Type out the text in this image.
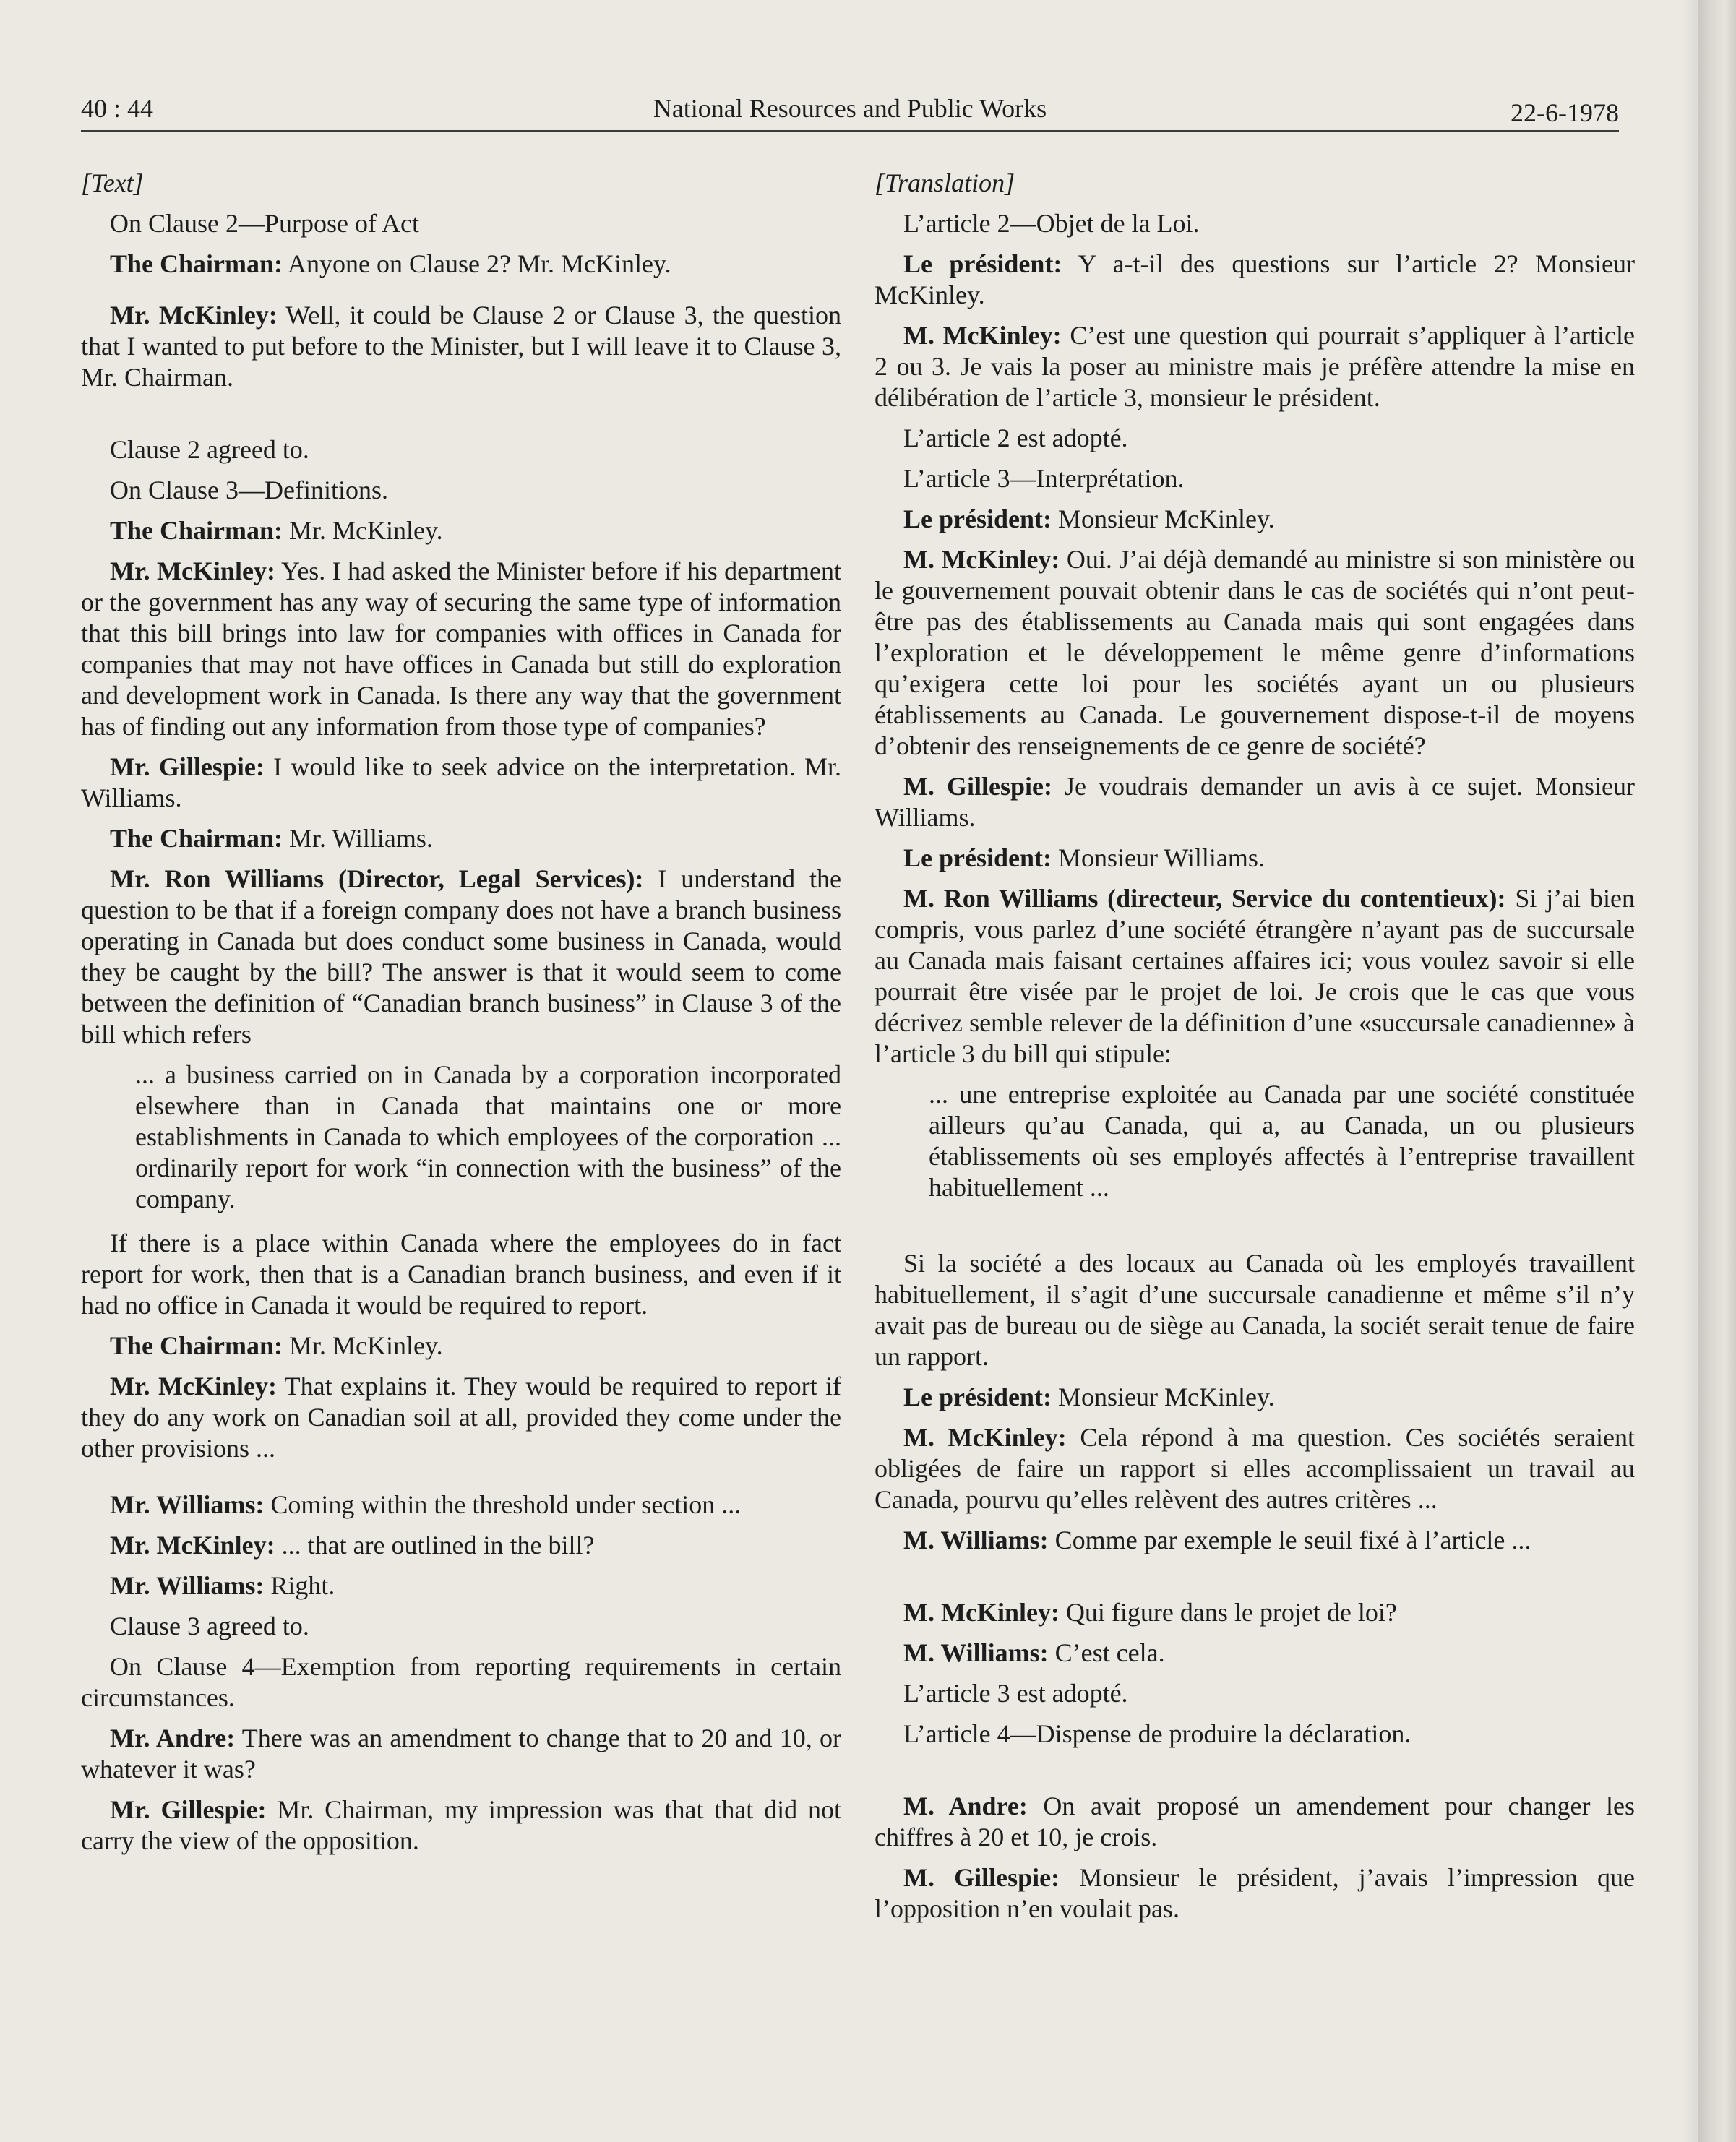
40 : 44	National Resources and Public Works	22-6-1978
[Text]

On Clause 2—Purpose of Act

The Chairman: Anyone on Clause 2? Mr. McKinley.

Mr. McKinley: Well, it could be Clause 2 or Clause 3, the question that I wanted to put before to the Minister, but I will leave it to Clause 3, Mr. Chairman.

Clause 2 agreed to.

On Clause 3—Definitions.

The Chairman: Mr. McKinley.

Mr. McKinley: Yes. I had asked the Minister before if his department or the government has any way of securing the same type of information that this bill brings into law for companies with offices in Canada for companies that may not have offices in Canada but still do exploration and development work in Canada. Is there any way that the government has of finding out any information from those type of companies?

Mr. Gillespie: I would like to seek advice on the interpretation. Mr. Williams.

The Chairman: Mr. Williams.

Mr. Ron Williams (Director, Legal Services): I understand the question to be that if a foreign company does not have a branch business operating in Canada but does conduct some business in Canada, would they be caught by the bill? The answer is that it would seem to come between the definition of “Canadian branch business” in Clause 3 of the bill which refers

... a business carried on in Canada by a corporation incorporated elsewhere than in Canada that maintains one or more establishments in Canada to which employees of the corporation ... ordinarily report for work “in connection with the business” of the company.

If there is a place within Canada where the employees do in fact report for work, then that is a Canadian branch business, and even if it had no office in Canada it would be required to report.

The Chairman: Mr. McKinley.

Mr. McKinley: That explains it. They would be required to report if they do any work on Canadian soil at all, provided they come under the other provisions ...

Mr. Williams: Coming within the threshold under section ...

Mr. McKinley: ... that are outlined in the bill?

Mr. Williams: Right.

Clause 3 agreed to.

On Clause 4—Exemption from reporting requirements in certain circumstances.

Mr. Andre: There was an amendment to change that to 20 and 10, or whatever it was?

Mr. Gillespie: Mr. Chairman, my impression was that that did not carry the view of the opposition.

[Translation]

L’article 2—Objet de la Loi.

Le président: Y a-t-il des questions sur l’article 2? Monsieur McKinley.

M. McKinley: C’est une question qui pourrait s’appliquer à l’article 2 ou 3. Je vais la poser au ministre mais je préfère attendre la mise en délibération de l’article 3, monsieur le président.

L’article 2 est adopté.

L’article 3—Interprétation.

Le président: Monsieur McKinley.

M. McKinley: Oui. J’ai déjà demandé au ministre si son ministère ou le gouvernement pouvait obtenir dans le cas de sociétés qui n’ont peut-être pas des établissements au Canada mais qui sont engagées dans l’exploration et le développement le même genre d’informations qu’exigera cette loi pour les sociétés ayant un ou plusieurs établissements au Canada. Le gouvernement dispose-t-il de moyens d’obtenir des renseignements de ce genre de société?

M. Gillespie: Je voudrais demander un avis à ce sujet. Monsieur Williams.

Le président: Monsieur Williams.

M. Ron Williams (directeur, Service du contentieux): Si j’ai bien compris, vous parlez d’une société étrangère n’ayant pas de succursale au Canada mais faisant certaines affaires ici; vous voulez savoir si elle pourrait être visée par le projet de loi. Je crois que le cas que vous décrivez semble relever de la définition d’une «succursale canadienne» à l’article 3 du bill qui stipule:

... une entreprise exploitée au Canada par une société constituée ailleurs qu’au Canada, qui a, au Canada, un ou plusieurs établissements où ses employés affectés à l’entreprise travaillent habituellement ...

Si la société a des locaux au Canada où les employés travaillent habituellement, il s’agit d’une succursale canadienne et même s’il n’y avait pas de bureau ou de siège au Canada, la sociét serait tenue de faire un rapport.

Le président: Monsieur McKinley.

M. McKinley: Cela répond à ma question. Ces sociétés seraient obligées de faire un rapport si elles accomplissaient un travail au Canada, pourvu qu’elles relèvent des autres critères ...

M. Williams: Comme par exemple le seuil fixé à l’article ...

M. McKinley: Qui figure dans le projet de loi?

M. Williams: C’est cela.

L’article 3 est adopté.

L’article 4—Dispense de produire la déclaration.

M. Andre: On avait proposé un amendement pour changer les chiffres à 20 et 10, je crois.

M. Gillespie: Monsieur le président, j’avais l’impression que l’opposition n’en voulait pas.
